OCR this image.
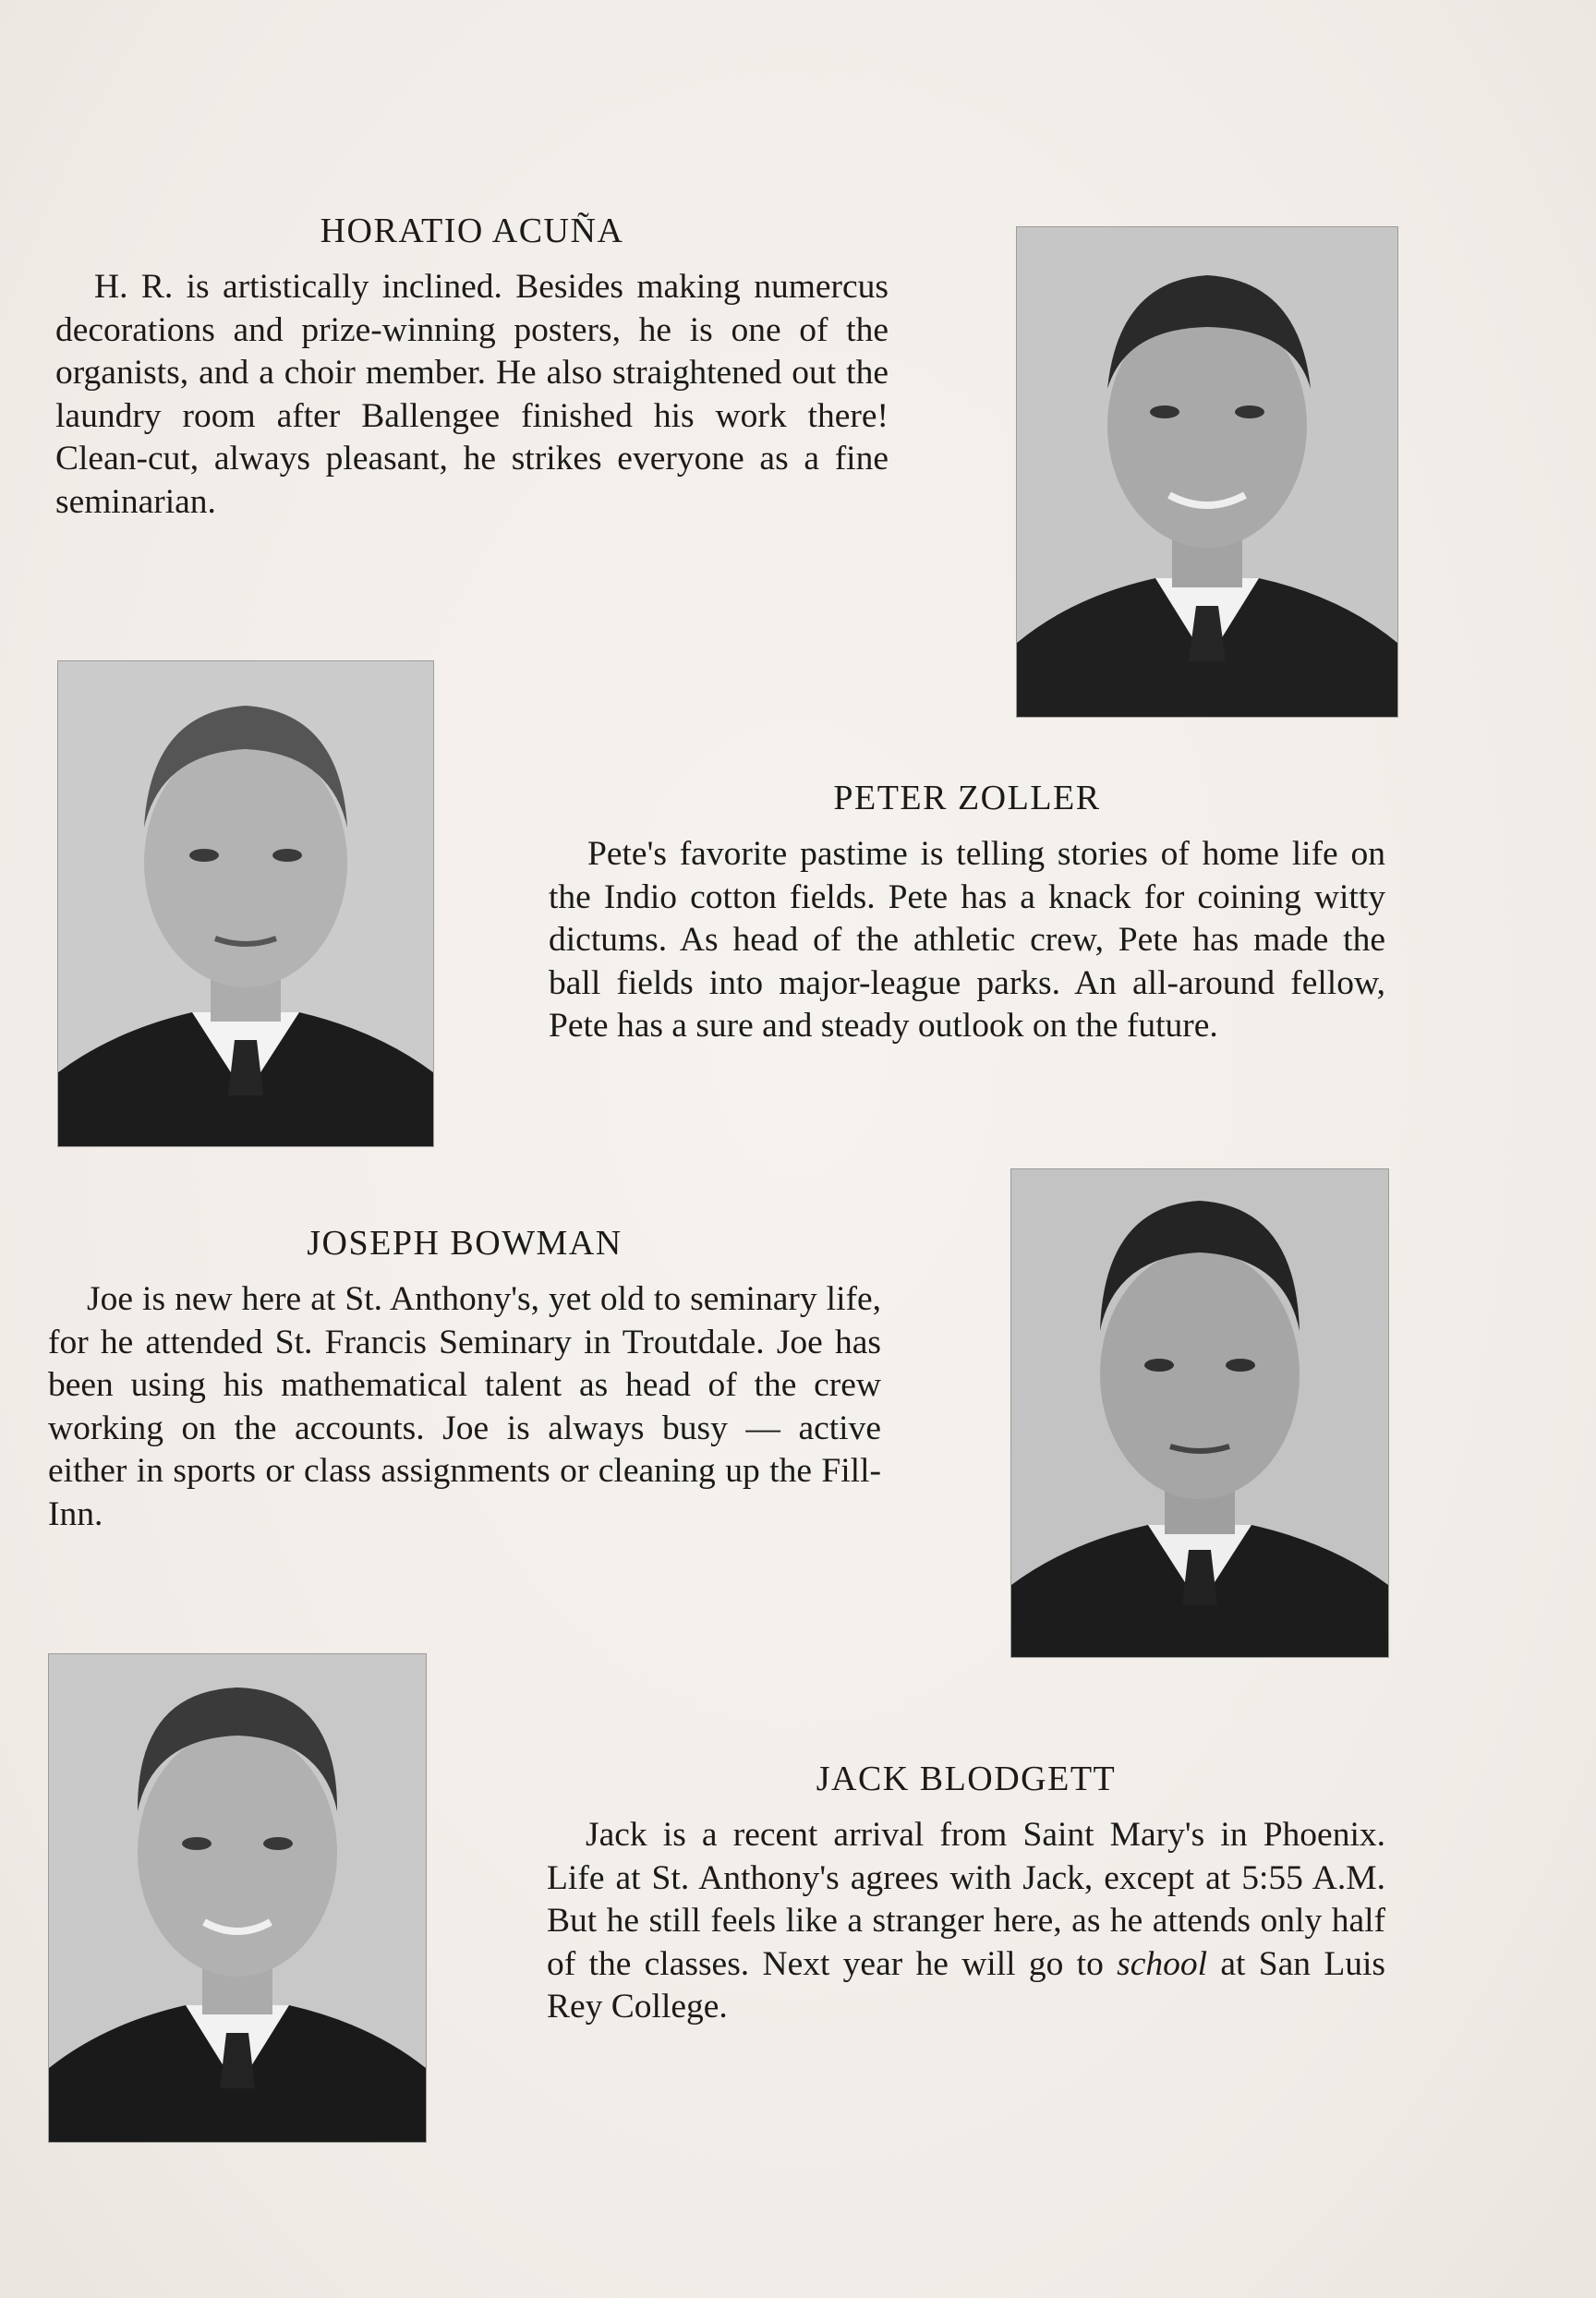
HORATIO ACUÑA

H. R. is artistically inclined. Besides making numercus decorations and prize-winning posters, he is one of the organists, and a choir member. He also straightened out the laundry room after Ballengee finished his work there! Clean-cut, always pleasant, he strikes everyone as a fine seminarian.

PETER ZOLLER

Pete's favorite pastime is telling stories of home life on the Indio cotton fields. Pete has a knack for coining witty dictums. As head of the athletic crew, Pete has made the ball fields into major-league parks. An all-around fellow, Pete has a sure and steady outlook on the future.

JOSEPH BOWMAN

Joe is new here at St. Anthony's, yet old to seminary life, for he attended St. Francis Seminary in Troutdale. Joe has been using his mathematical talent as head of the crew working on the accounts. Joe is always busy — active either in sports or class assignments or cleaning up the Fill-Inn.

JACK BLODGETT

Jack is a recent arrival from Saint Mary's in Phoenix. Life at St. Anthony's agrees with Jack, except at 5:55 A.M. But he still feels like a stranger here, as he attends only half of the classes. Next year he will go to school at San Luis Rey College.
